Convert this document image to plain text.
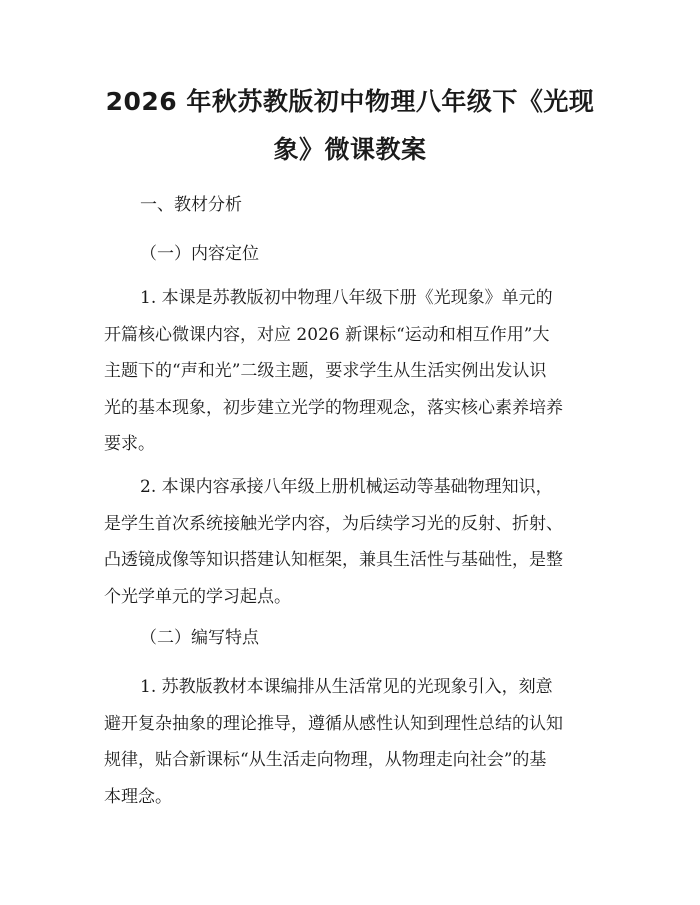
2026 年秋苏教版初中物理八年级下《光现
象》微课教案
一、教材分析
（一）内容定位
1. 本课是苏教版初中物理八年级下册《光现象》单元的
开篇核心微课内容，对应 2026 新课标“运动和相互作用”大
主题下的“声和光”二级主题，要求学生从生活实例出发认识
光的基本现象，初步建立光学的物理观念，落实核心素养培养
要求。
2. 本课内容承接八年级上册机械运动等基础物理知识，
是学生首次系统接触光学内容，为后续学习光的反射、折射、
凸透镜成像等知识搭建认知框架，兼具生活性与基础性，是整
个光学单元的学习起点。
（二）编写特点
1. 苏教版教材本课编排从生活常见的光现象引入，刻意
避开复杂抽象的理论推导，遵循从感性认知到理性总结的认知
规律，贴合新课标“从生活走向物理，从物理走向社会”的基
本理念。
